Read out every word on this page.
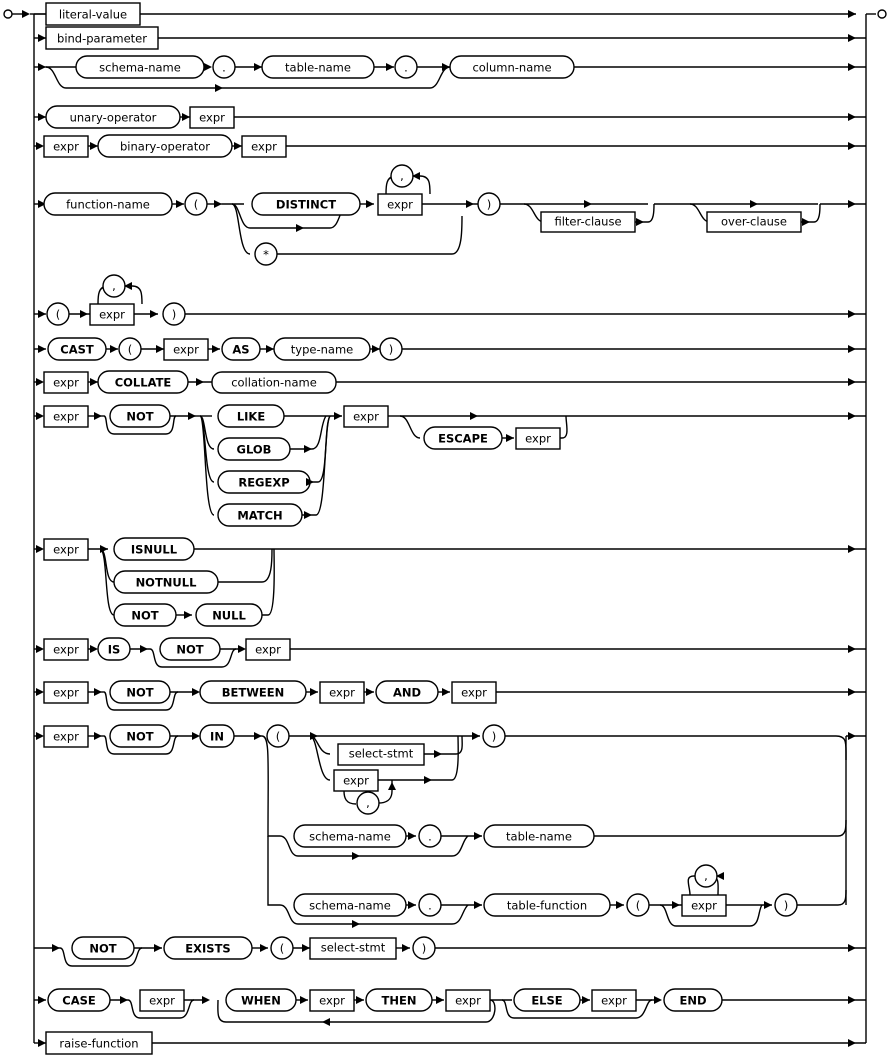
literal-value
bind-parameter
schema-name	.	table-name	.	column-name
unary-operator	expr
expr	binary-operator	expr
function-name	(
*
DISTINCT	expr
,
)
filter-clause	over-clause
(	expr
,
)
CAST	(	expr	AS	type-name	)
expr	COLLATE	collation-name
expr	NOT	LIKE
GLOB
REGEXP
MATCH
expr
ESCAPE	expr
expr	ISNULL
NOTNULL
NOT	NULL
expr	IS	NOT	expr
expr	NOT	BETWEEN	expr	AND	expr
expr	NOT	IN	(
select-stmt
expr
,
)
schema-name	.	table-name
schema-name	.	table-function	(	expr
,
)
NOT	EXISTS	(	select-stmt	)
CASE	expr	WHEN	expr	THEN	expr	ELSE	expr	END
raise-function
